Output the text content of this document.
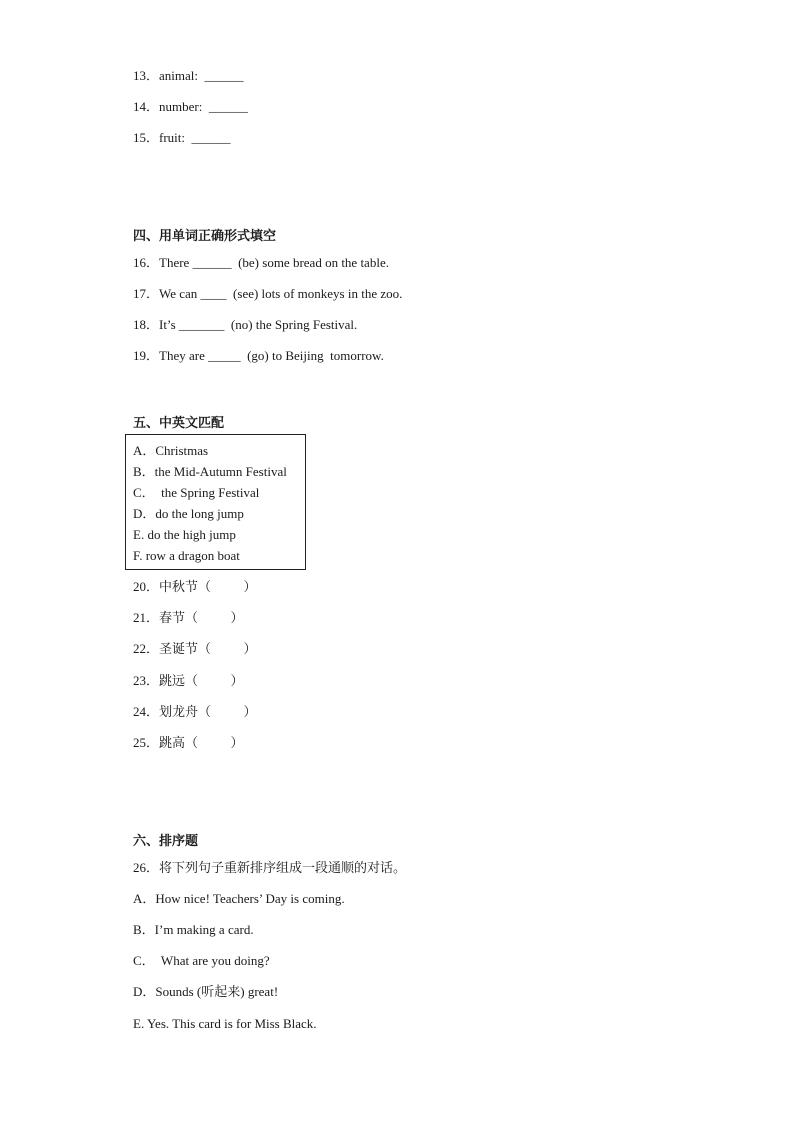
13．animal:  ______
14．number:  ______
15．fruit:  ______
四、用单词正确形式填空
16．There ______  (be) some bread on the table.
17．We can ____  (see) lots of monkeys in the zoo.
18．It’s _______  (no) the Spring Festival.
19．They are _____  (go) to Beijing  tomorrow.
五、中英文匹配
A．Christmas
B．the Mid-Autumn Festival
C．  the Spring Festival
D．do the long jump
E. do the high jump
F. row a dragon boat
20．中秋节（          ）
21．春节（          ）
22．圣诞节（          ）
23．跳远（          ）
24．划龙舟（          ）
25．跳高（          ）
六、排序题
26．将下列句子重新排序组成一段通顺的对话。
A．How nice! Teachers’ Day is coming.
B．I’m making a card.
C．  What are you doing?
D．Sounds (听起来) great!
E. Yes. This card is for Miss Black.
